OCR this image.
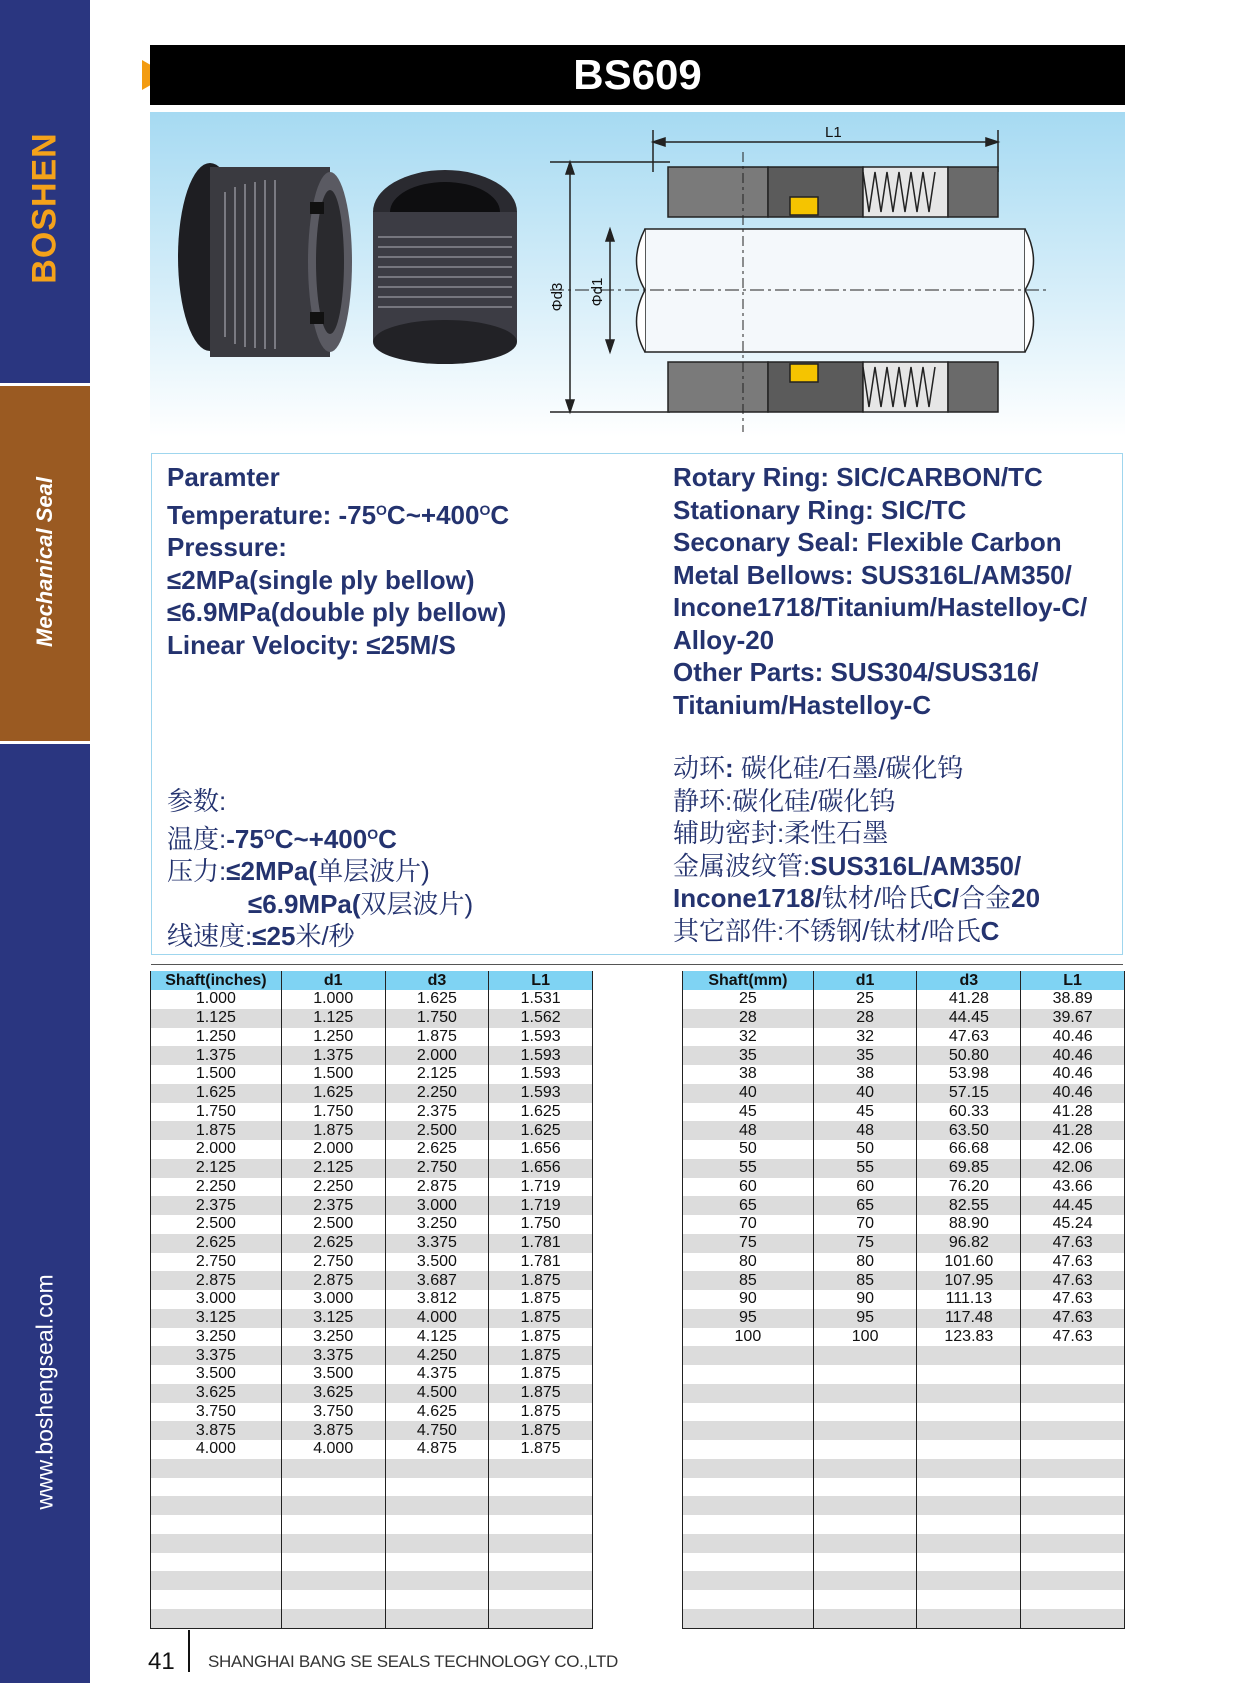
BOSHEN
Mechanical Seal
www.boshengseal.com
BS609
L1
Φd3 Φd1

Paramter

Temperature: $-75^OC\sim+400^OC$

Pressure:

≤2MPa(single ply bellow)

≤6.9MPa(double ply bellow)

Linear Velocity: ≤25M/S

Rotary Ring: SIC/CARBON/TC

Stationary Ring: SIC/TC

Seconary Seal: Flexible Carbon

Metal Bellows: SUS316L/AM350/

Incone1718/Titanium/Hastelloy-C/

Alloy-20

Other Parts: SUS304/SUS316/

Titanium/Hastelloy-C

参数:

温度$:-75^OC\sim+400^OC$

压力:≤2MPa(单层波片)

≤6.9MPa(双层波片)

线速度:≤25米/秒

动环: 碳化硅/石墨/碳化钨

静环:碳化硅/碳化钨

辅助密封:柔性石墨

金属波纹管:SUS316L/AM350/

Incone1718/钛材/哈氏C/合金20

其它部件:不锈钢/钛材/哈氏C

Shaft(inches)	d1	d3	L1
1.000	1.000	1.625	1.531
1.125	1.125	1.750	1.562
1.250	1.250	1.875	1.593
1.375	1.375	2.000	1.593
1.500	1.500	2.125	1.593
1.625	1.625	2.250	1.593
1.750	1.750	2.375	1.625
1.875	1.875	2.500	1.625
2.000	2.000	2.625	1.656
2.125	2.125	2.750	1.656
2.250	2.250	2.875	1.719
2.375	2.375	3.000	1.719
2.500	2.500	3.250	1.750
2.625	2.625	3.375	1.781
2.750	2.750	3.500	1.781
2.875	2.875	3.687	1.875
3.000	3.000	3.812	1.875
3.125	3.125	4.000	1.875
3.250	3.250	4.125	1.875
3.375	3.375	4.250	1.875
3.500	3.500	4.375	1.875
3.625	3.625	4.500	1.875
3.750	3.750	4.625	1.875
3.875	3.875	4.750	1.875
4.000	4.000	4.875	1.875

Shaft(mm)	d1	d3	L1
25	25	41.28	38.89
28	28	44.45	39.67
32	32	47.63	40.46
35	35	50.80	40.46
38	38	53.98	40.46
40	40	57.15	40.46
45	45	60.33	41.28
48	48	63.50	41.28
50	50	66.68	42.06
55	55	69.85	42.06
60	60	76.20	43.66
65	65	82.55	44.45
70	70	88.90	45.24
75	75	96.82	47.63
80	80	101.60	47.63
85	85	107.95	47.63
90	90	111.13	47.63
95	95	117.48	47.63
100	100	123.83	47.63

41 SHANGHAI BANG SE SEALS TECHNOLOGY CO.,LTD
